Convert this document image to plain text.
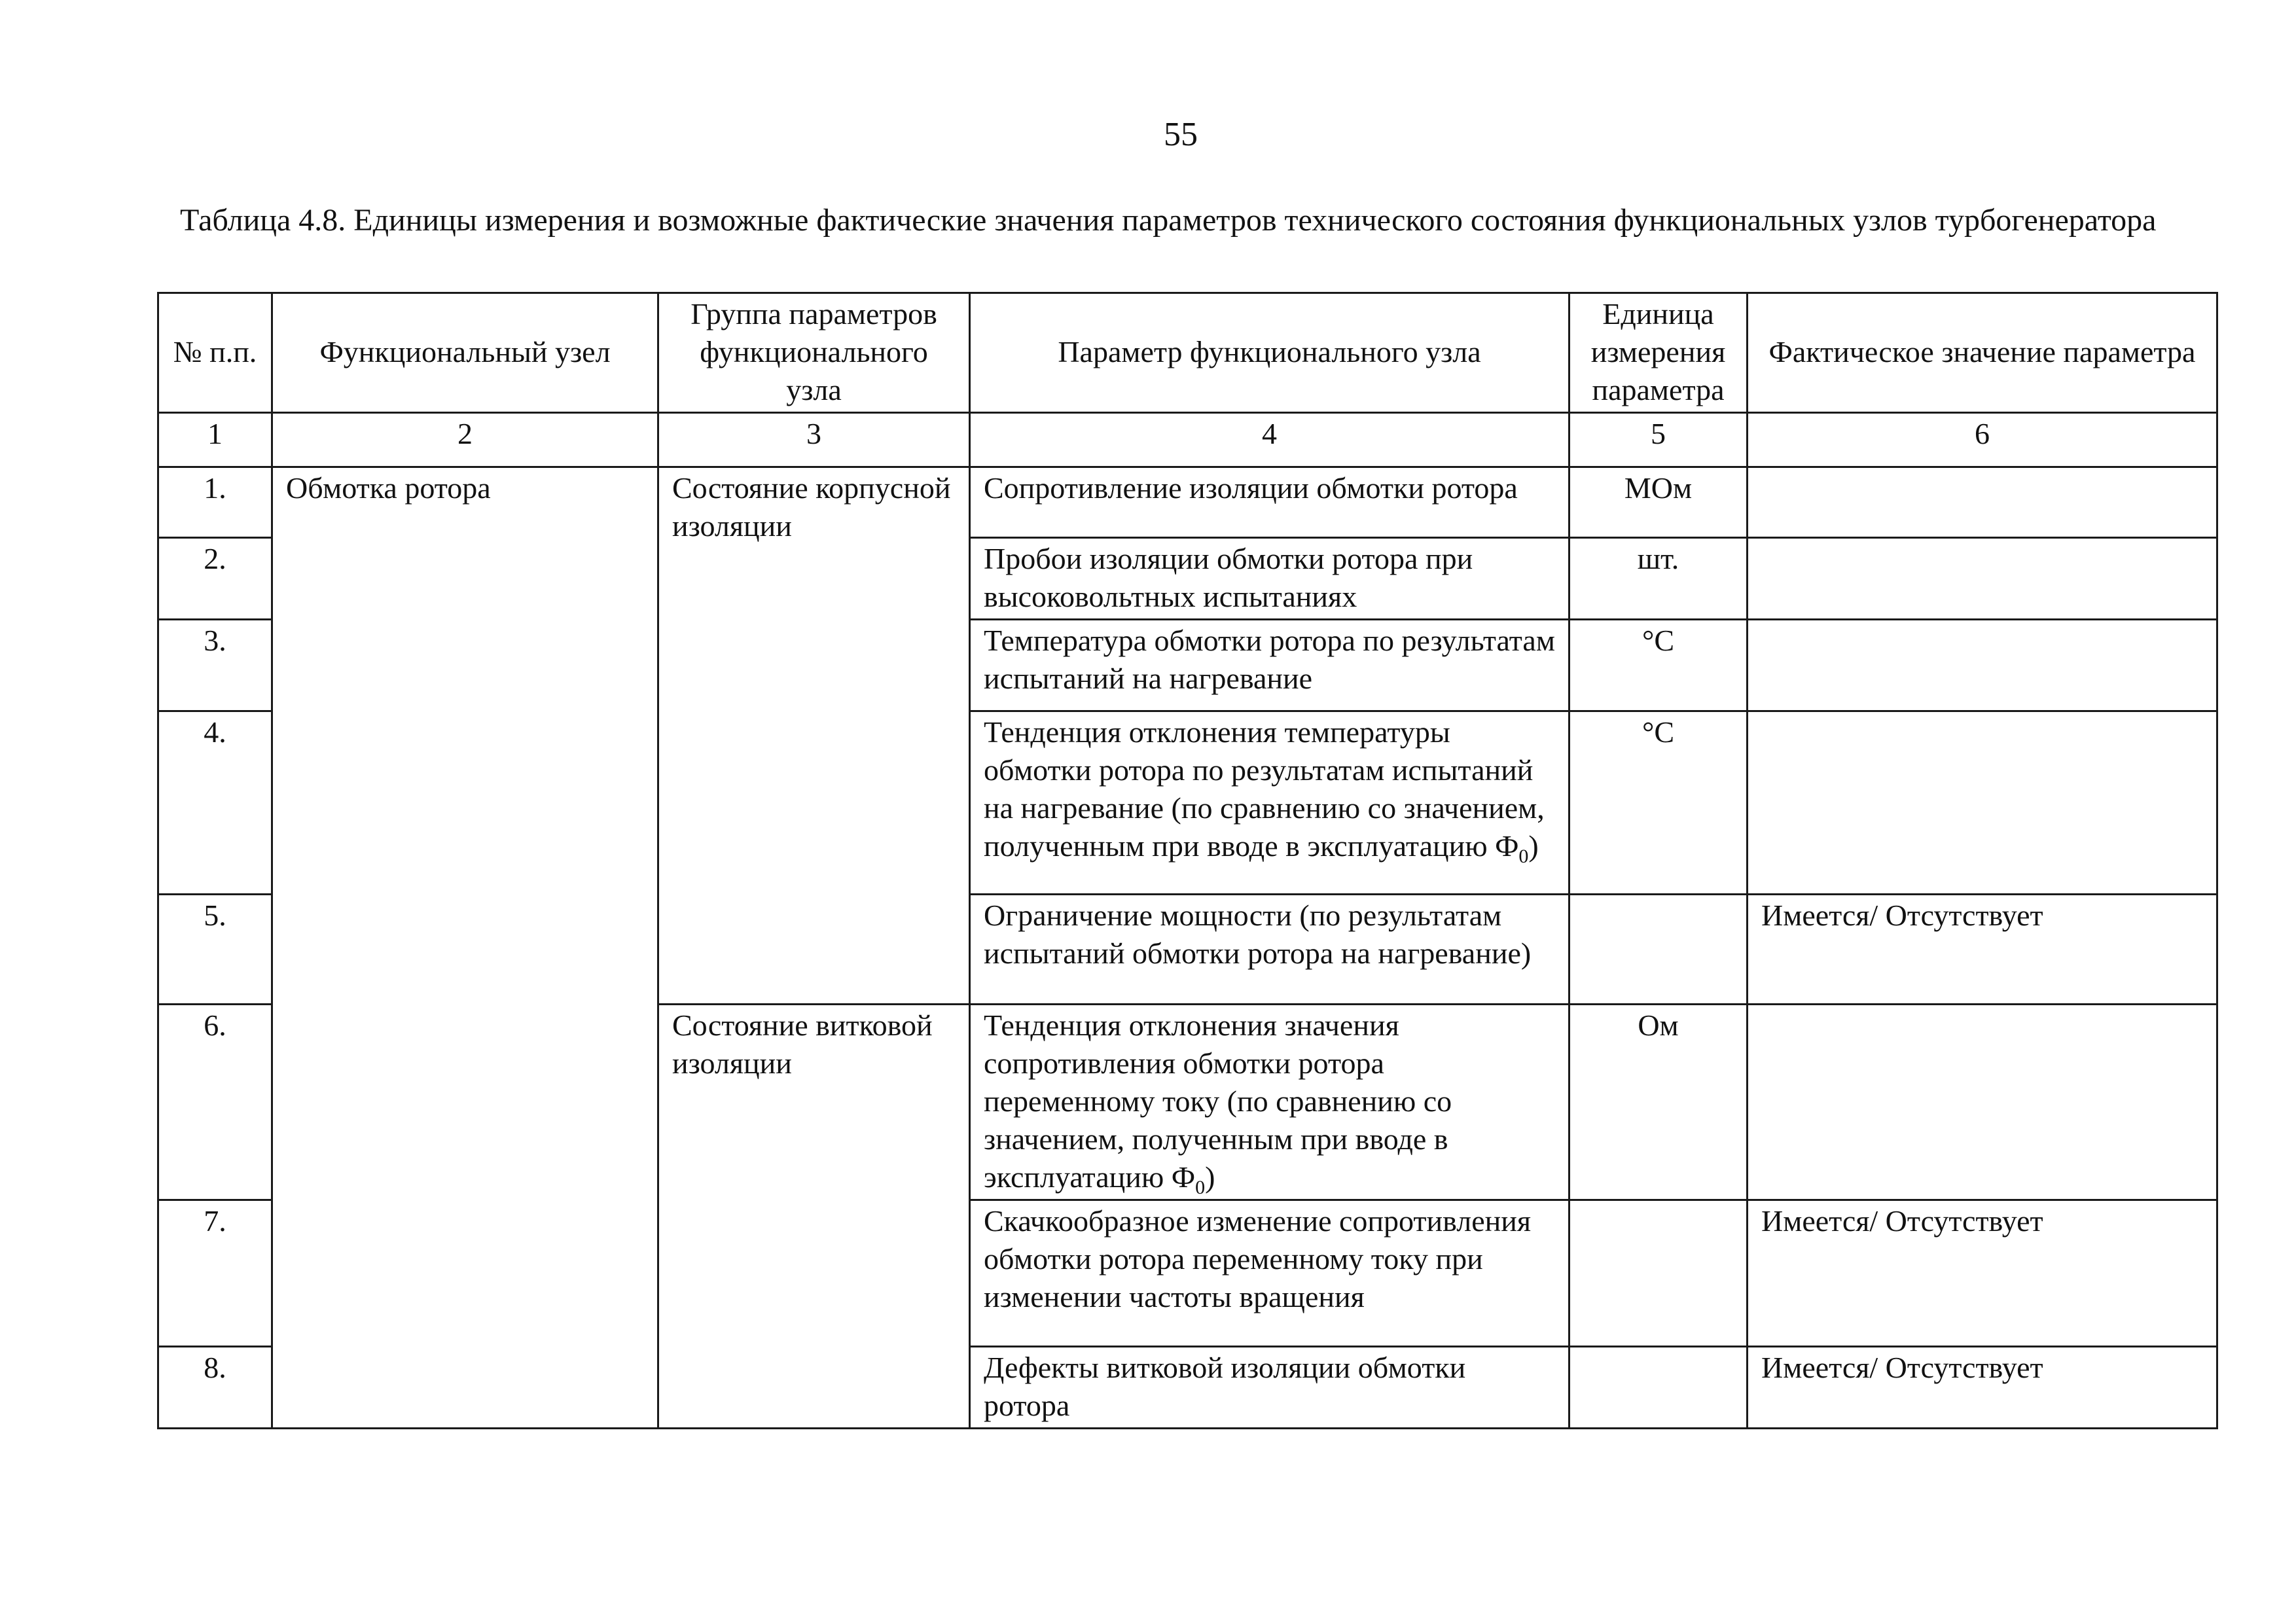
55
Таблица 4.8. Единицы измерения и возможные фактические значения параметров технического состояния функциональных узлов турбогенератора
№ п.п.	Функциональный узел	Группа параметров функционального узла	Параметр функционального узла	Единица измерения параметра	Фактическое значение параметра
1	2	3	4	5	6
1.	Обмотка ротора	Состояние корпусной изоляции	Сопротивление изоляции обмотки ротора	МОм	
2.			Пробои изоляции обмотки ротора при высоковольтных испытаниях	шт.	
3.			Температура обмотки ротора по результатам испытаний на нагревание	°С	
4.			Тенденция отклонения температуры обмотки ротора по результатам испытаний на нагревание (по сравнению со значением, полученным при вводе в эксплуатацию $Ф_0$)	°С	
5.			Ограничение мощности (по результатам испытаний обмотки ротора на нагревание)		Имеется/ Отсутствует
6.		Состояние витковой изоляции	Тенденция отклонения значения сопротивления обмотки ротора переменному току (по сравнению со значением, полученным при вводе в эксплуатацию $Ф_0$)	Ом	
7.			Скачкообразное изменение сопротивления обмотки ротора переменному току при изменении частоты вращения		Имеется/ Отсутствует
8.			Дефекты витковой изоляции обмотки ротора		Имеется/ Отсутствует
